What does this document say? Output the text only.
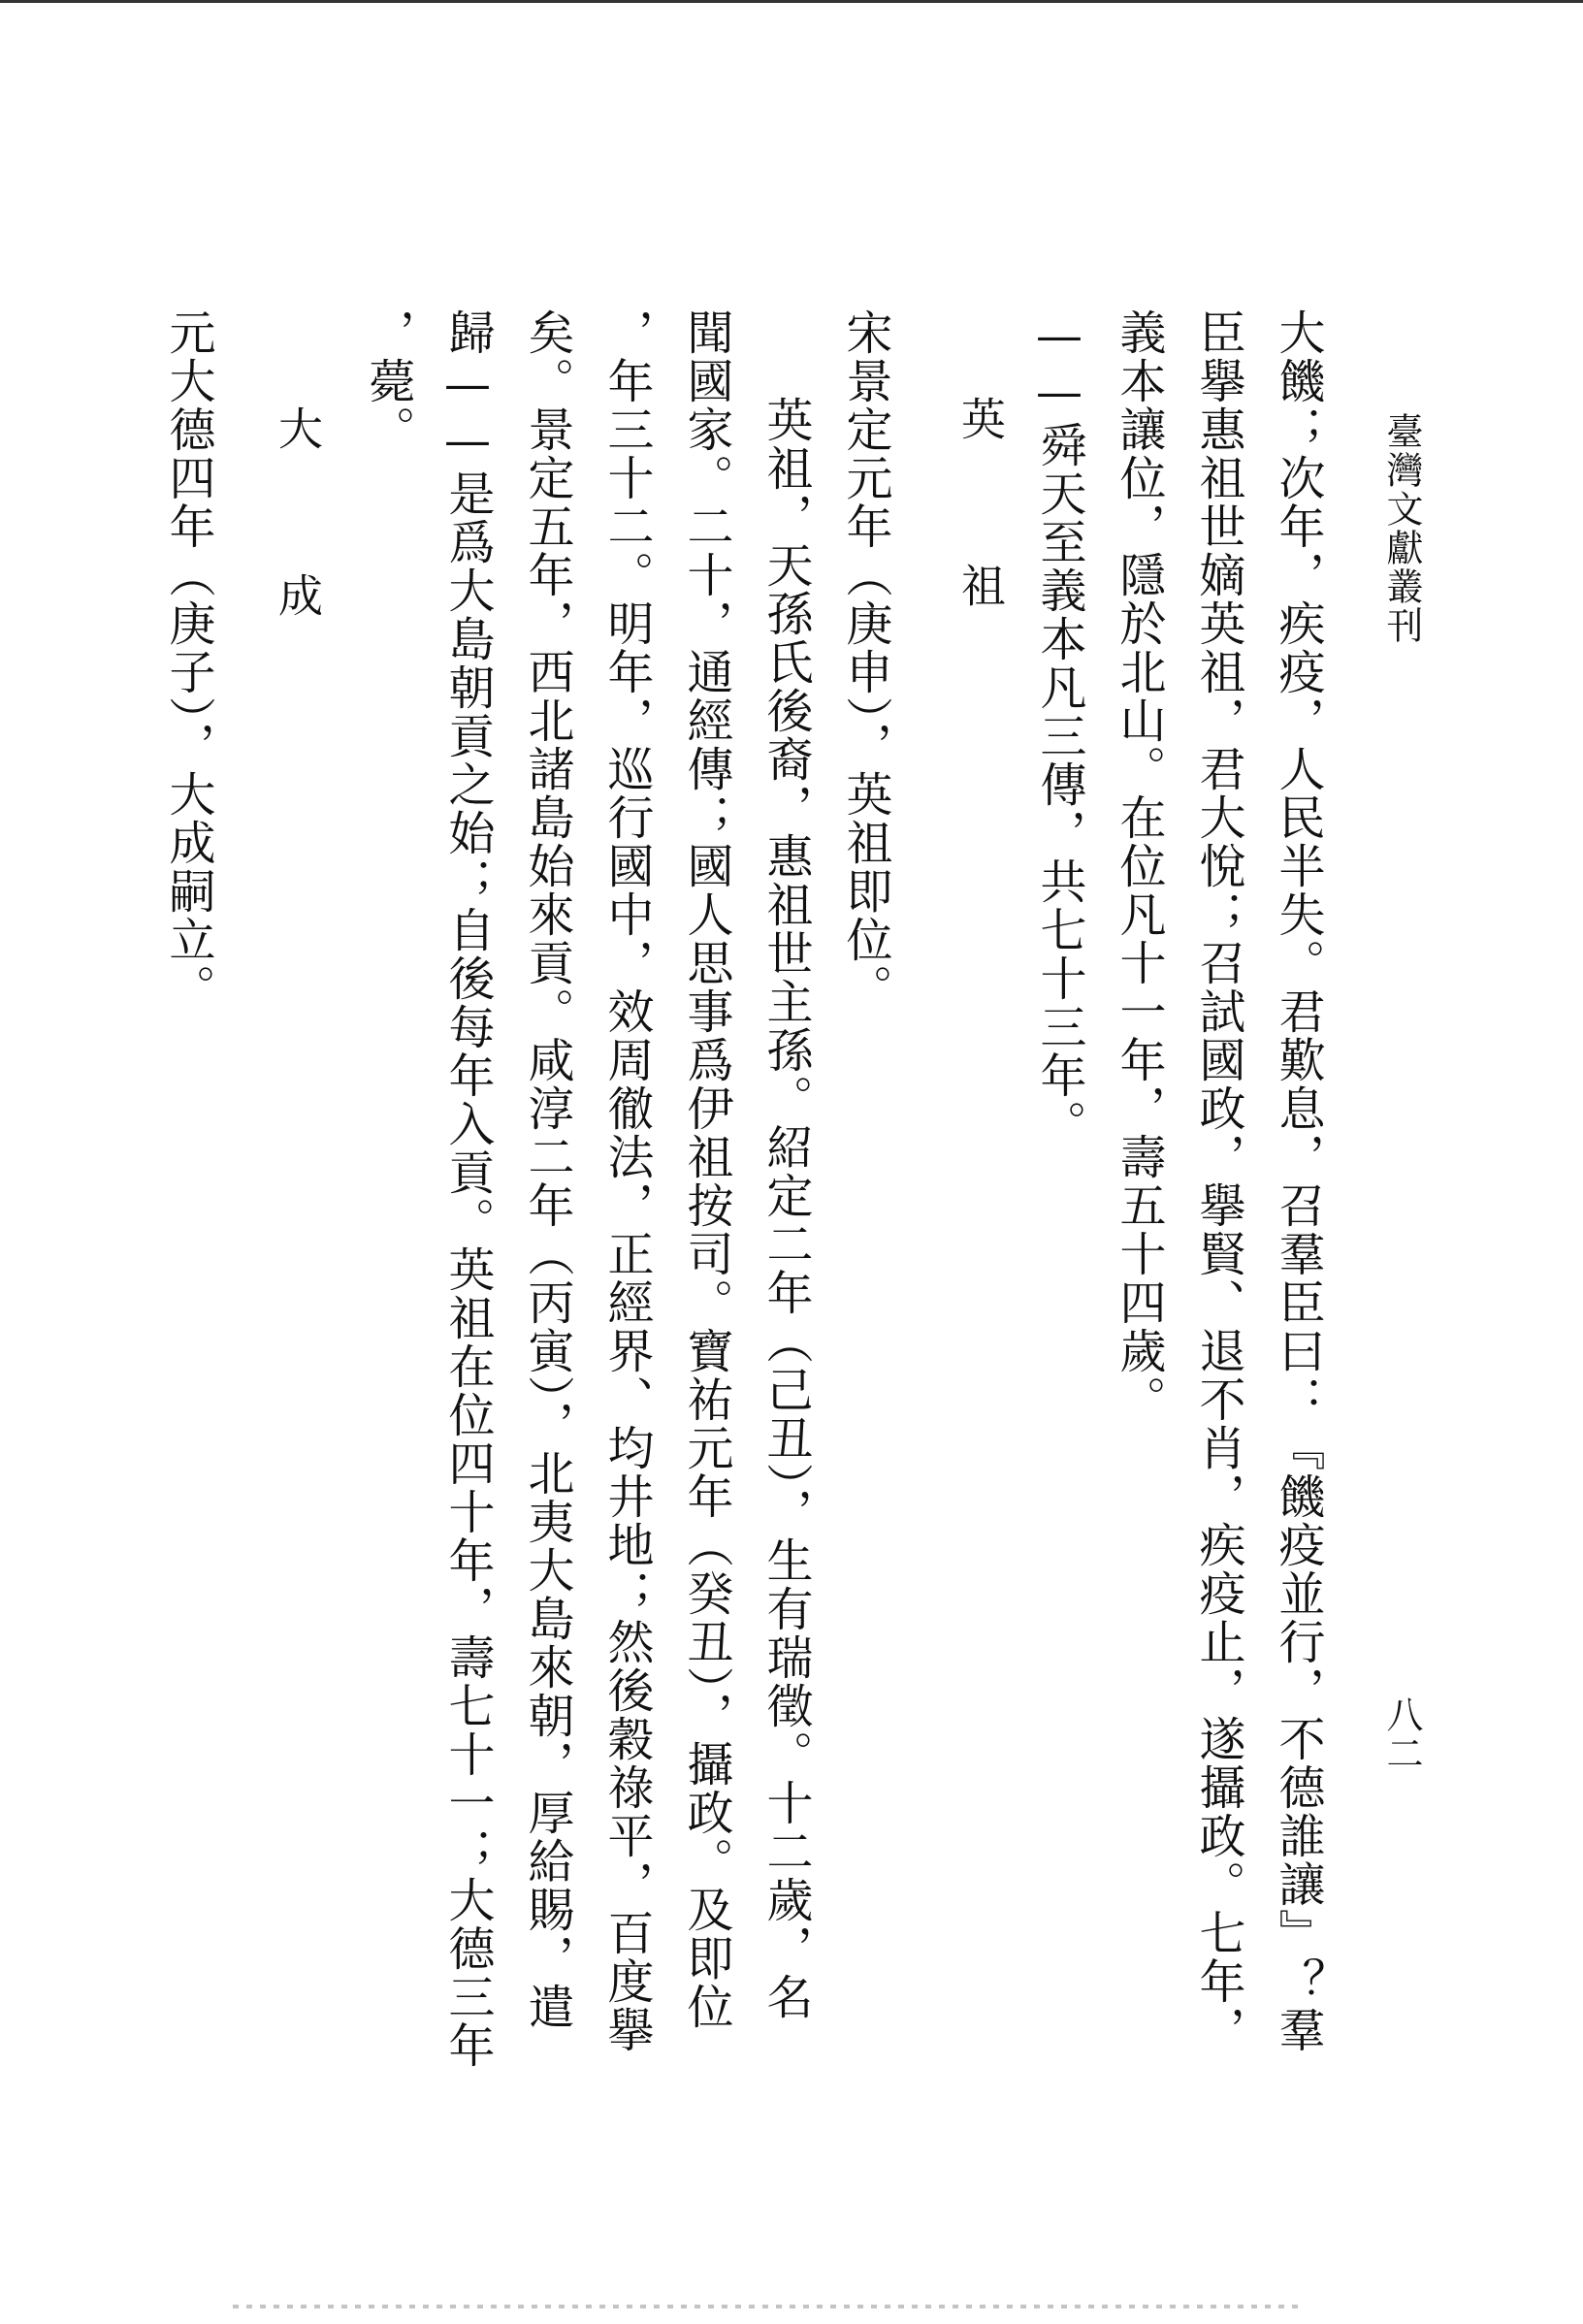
臺灣文獻叢刊
八二
大饑；次年，疾疫，人民半失。君歎息，召羣臣曰：『饑疫並行，不德誰讓』？羣
臣擧惠祖世嫡英祖，君大悅；召試國政，擧賢、退不肖，疾疫止，遂攝政。七年，
義本讓位，隱於北山。在位凡十一年，壽五十四歲。
——舜天至義本凡三傳，共七十三年。
英　祖
宋景定元年（庚申），英祖即位。
英祖，天孫氏後裔，惠祖世主孫。紹定二年（己丑），生有瑞徵。十二歲，名
聞國家。二十，通經傳；國人思事爲伊祖按司。寶祐元年（癸丑），攝政。及即位
，年三十二。明年，巡行國中，效周徹法，正經界、均井地；然後穀祿平，百度擧
矣。景定五年，西北諸島始來貢。咸淳二年（丙寅），北夷大島來朝，厚給賜，遣
歸——是爲大島朝貢之始；自後每年入貢。英祖在位四十年，壽七十一；大德三年
，薨。
大　成
元大德四年（庚子），大成嗣立。
